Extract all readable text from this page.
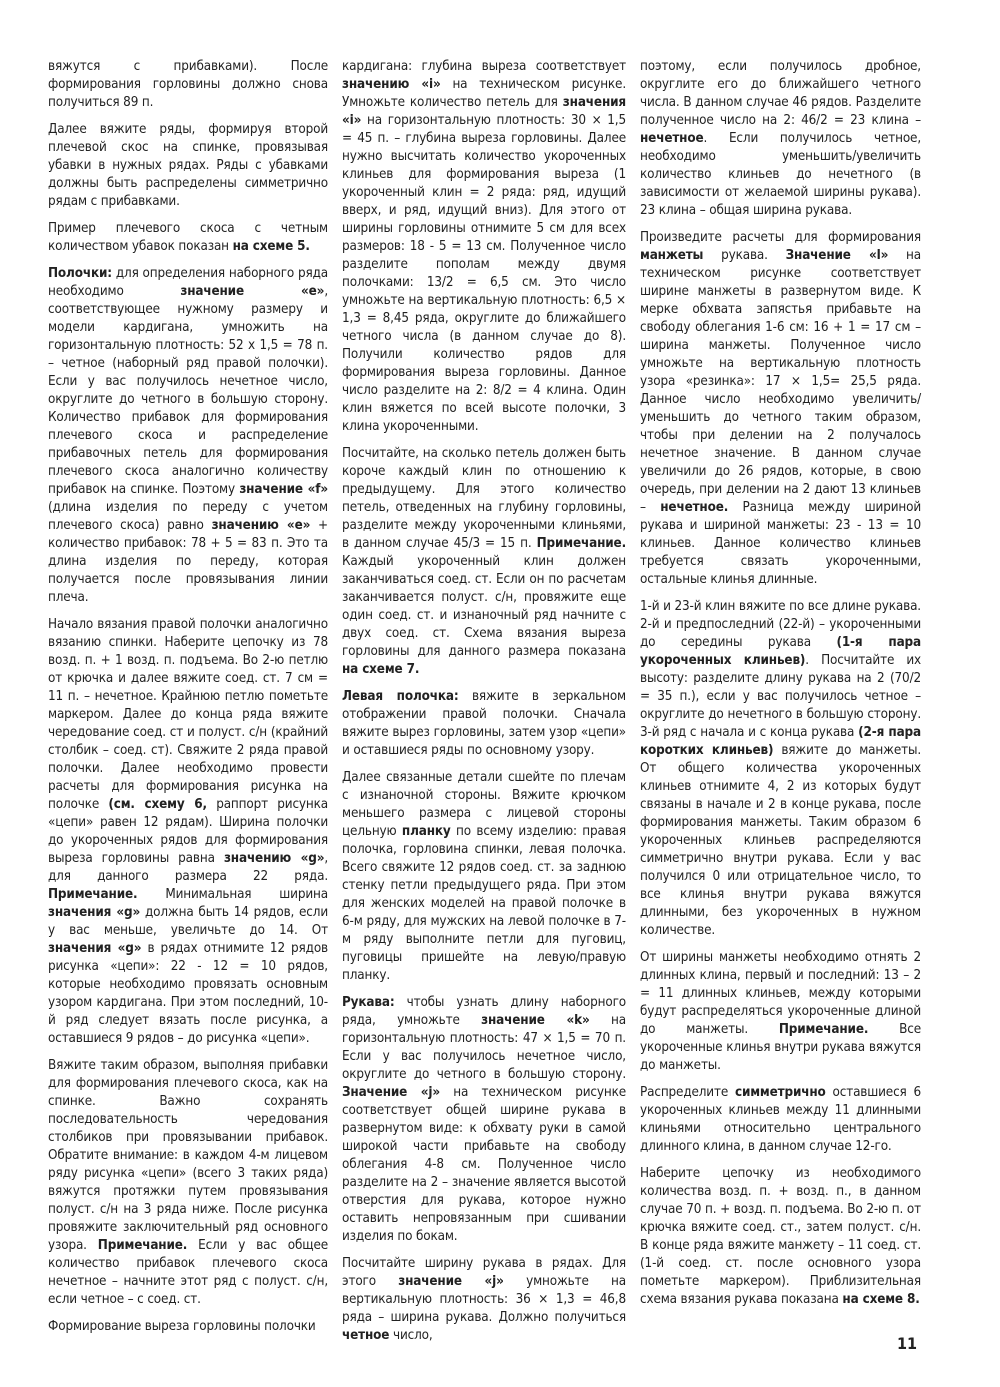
вяжутся с прибавками). После формирования горловины должно снова получиться 89 п.

Далее вяжите ряды, формируя второй плечевой скос на спинке, провязывая убавки в нужных рядах. Ряды с убавками должны быть распределены симметрично рядам с прибавками.

Пример плечевого скоса с четным количеством убавок показан на схеме 5.

Полочки: для определения наборного ряда необходимо значение «е», соответствующее нужному размеру и модели кардигана, умножить на горизонтальную плотность: 52 х 1,5 = 78 п. – четное (наборный ряд правой полочки). Если у вас получилось нечетное число, округлите до четного в большую сторону. Количество прибавок для формирования плечевого скоса и распределение прибавочных петель для формирования плечевого скоса аналогично количеству прибавок на спинке. Поэтому значение «f» (длина изделия по переду с учетом плечевого скоса) равно значению «е» + количество прибавок: 78 + 5 = 83 п. Это та длина изделия по переду, которая получается после провязывания линии плеча.

Начало вязания правой полочки аналогично вязанию спинки. Наберите цепочку из 78 возд. п. + 1 возд. п. подъема. Во 2-ю петлю от крючка и далее вяжите соед. ст. 7 см = 11 п. – нечетное. Крайнюю петлю пометьте маркером. Далее до конца ряда вяжите чередование соед. ст и полуст. с/н (крайний столбик – соед. ст). Свяжите 2 ряда правой полочки. Далее необходимо провести расчеты для формирования рисунка на полочке (см. схему 6, раппорт рисунка «цепи» равен 12 рядам). Ширина полочки до укороченных рядов для формирования выреза горловины равна значению «g», для данного размера 22 ряда. Примечание. Минимальная ширина значения «g» должна быть 14 рядов, если у вас меньше, увеличьте до 14. От значения «g» в рядах отнимите 12 рядов рисунка «цепи»: 22 - 12 = 10 рядов, которые необходимо провязать основным узором кардигана. При этом последний, 10-й ряд следует вязать после рисунка, а оставшиеся 9 рядов – до рисунка «цепи».

Вяжите таким образом, выполняя прибавки для формирования плечевого скоса, как на спинке. Важно сохранять последовательность чередования столбиков при провязывании прибавок. Обратите внимание: в каждом 4-м лицевом ряду рисунка «цепи» (всего 3 таких ряда) вяжутся протяжки путем провязывания полуст. с/н на 3 ряда ниже. После рисунка провяжите заключительный ряд основного узора. Примечание. Если у вас общее количество прибавок плечевого скоса нечетное – начните этот ряд с полуст. с/н, если четное – с соед. ст.

Формирование выреза горловины полочки

кардигана: глубина выреза соответствует значению «i» на техническом рисунке. Умножьте количество петель для значения «i» на горизонтальную плотность: 30 × 1,5 = 45 п. – глубина выреза горловины. Далее нужно высчитать количество укороченных клиньев для формирования выреза (1 укороченный клин = 2 ряда: ряд, идущий вверх, и ряд, идущий вниз). Для этого от ширины горловины отнимите 5 см для всех размеров: 18 - 5 = 13 см. Полученное число разделите пополам между двумя полочками: 13/2 = 6,5 см. Это число умножьте на вертикальную плотность: 6,5 × 1,3 = 8,45 ряда, округлите до ближайшего четного числа (в данном случае до 8). Получили количество рядов для формирования выреза горловины. Данное число разделите на 2: 8/2 = 4 клина. Один клин вяжется по всей высоте полочки, 3 клина укороченными.

Посчитайте, на сколько петель должен быть короче каждый клин по отношению к предыдущему. Для этого количество петель, отведенных на глубину горловины, разделите между укороченными клиньями, в данном случае 45/3 = 15 п. Примечание. Каждый укороченный клин должен заканчиваться соед. ст. Если он по расчетам заканчивается полуст. с/н, провяжите еще один соед. ст. и изнаночный ряд начните с двух соед. ст. Схема вязания выреза горловины для данного размера показана на схеме 7.

Левая полочка: вяжите в зеркальном отображении правой полочки. Сначала вяжите вырез горловины, затем узор «цепи» и оставшиеся ряды по основному узору.

Далее связанные детали сшейте по плечам с изнаночной стороны. Вяжите крючком меньшего размера с лицевой стороны цельную планку по всему изделию: правая полочка, горловина спинки, левая полочка. Всего свяжите 12 рядов соед. ст. за заднюю стенку петли предыдущего ряда. При этом для женских моделей на правой полочке в 6-м ряду, для мужских на левой полочке в 7-м ряду выполните петли для пуговиц, пуговицы пришейте на левую/правую планку.

Рукава: чтобы узнать длину наборного ряда, умножьте значение «k» на горизонтальную плотность: 47 × 1,5 = 70 п. Если у вас получилось нечетное число, округлите до четного в большую сторону. Значение «j» на техническом рисунке соответствует общей ширине рукава в развернутом виде: к обхвату руки в самой широкой части прибавьте на свободу облегания 4-8 см. Полученное число разделите на 2 – значение является высотой отверстия для рукава, которое нужно оставить непровязанным при сшивании изделия по бокам.

Посчитайте ширину рукава в рядах. Для этого значение «j» умножьте на вертикальную плотность: 36 × 1,3 = 46,8 ряда – ширина рукава. Должно получиться четное число,

поэтому, если получилось дробное, округлите его до ближайшего четного числа. В данном случае 46 рядов. Разделите полученное число на 2: 46/2 = 23 клина – нечетное. Если получилось четное, необходимо уменьшить/увеличить количество клиньев до нечетного (в зависимости от желаемой ширины рукава). 23 клина – общая ширина рукава.

Произведите расчеты для формирования манжеты рукава. Значение «l» на техническом рисунке соответствует ширине манжеты в развернутом виде. К мерке обхвата запястья прибавьте на свободу облегания 1-6 см: 16 + 1 = 17 см – ширина манжеты. Полученное число умножьте на вертикальную плотность узора «резинка»: 17 × 1,5= 25,5 ряда. Данное число необходимо увеличить/уменьшить до четного таким образом, чтобы при делении на 2 получалось нечетное значение. В данном случае увеличили до 26 рядов, которые, в свою очередь, при делении на 2 дают 13 клиньев – нечетное. Разница между шириной рукава и шириной манжеты: 23 - 13 = 10 клиньев. Данное количество клиньев требуется связать укороченными, остальные клинья длинные.

1-й и 23-й клин вяжите по все длине рукава. 2-й и предпоследний (22-й) – укороченными до середины рукава (1-я пара укороченных клиньев). Посчитайте их высоту: разделите длину рукава на 2 (70/2 = 35 п.), если у вас получилось четное – округлите до нечетного в большую сторону. 3-й ряд с начала и с конца рукава (2-я пара коротких клиньев) вяжите до манжеты. От общего количества укороченных клиньев отнимите 4, 2 из которых будут связаны в начале и 2 в конце рукава, после формирования манжеты. Таким образом 6 укороченных клиньев распределяются симметрично внутри рукава. Если у вас получился 0 или отрицательное число, то все клинья внутри рукава вяжутся длинными, без укороченных в нужном количестве.

От ширины манжеты необходимо отнять 2 длинных клина, первый и последний: 13 – 2 = 11 длинных клиньев, между которыми будут распределяться укороченные длиной до манжеты. Примечание. Все укороченные клинья внутри рукава вяжутся до манжеты.

Распределите симметрично оставшиеся 6 укороченных клиньев между 11 длинными клиньями относительно центрального длинного клина, в данном случае 12-го.

Наберите цепочку из необходимого количества возд. п. + возд. п., в данном случае 70 п. + возд. п. подъема. Во 2-ю п. от крючка вяжите соед. ст., затем полуст. с/н. В конце ряда вяжите манжету – 11 соед. ст. (1-й соед. ст. после основного узора пометьте маркером). Приблизительная схема вязания рукава показана на схеме 8.

11
